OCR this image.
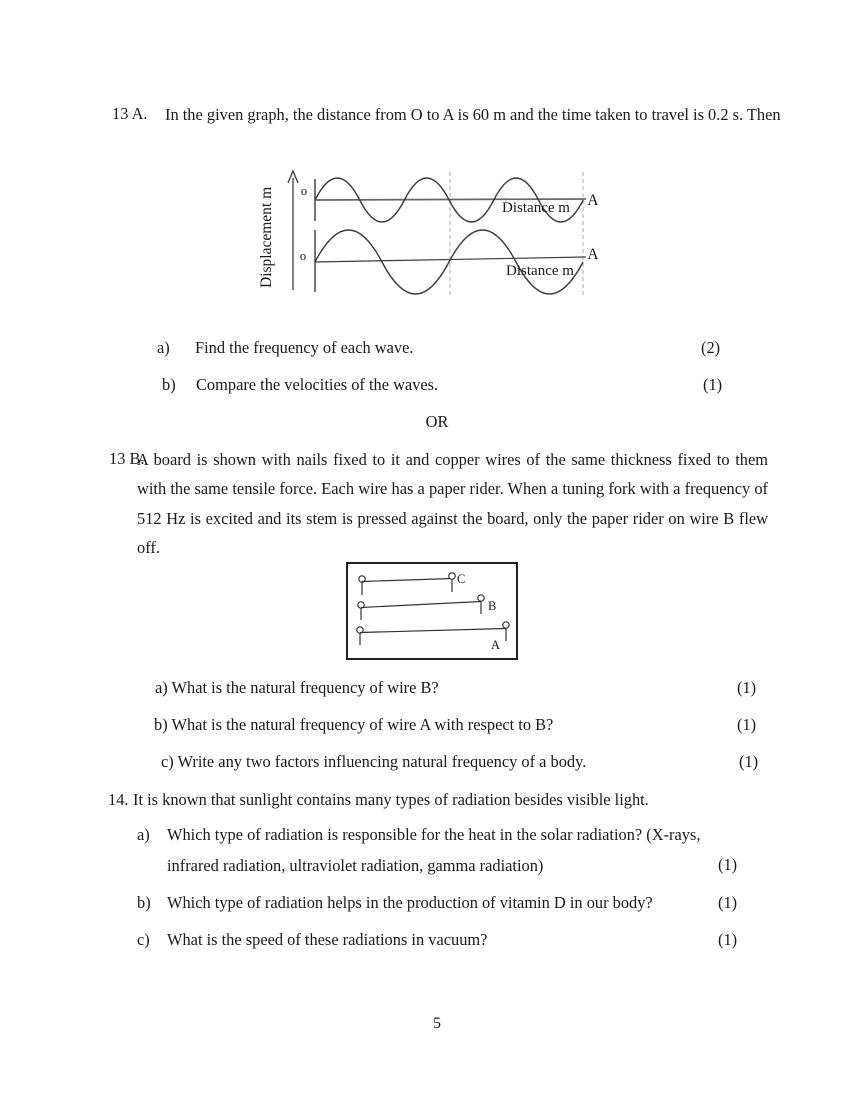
13 A. In the given graph, the distance from O to A is 60 m and the time taken to travel is 0.2 s. Then
Displacement m o
Distance m A
o
Distance m
A
a) Find the frequency of each wave.	(2)
b) Compare the velocities of the waves.	(1)
OR
13 B.
A board is shown with nails fixed to it and copper wires of the same thickness fixed to them with the same tensile force. Each wire has a paper rider. When a tuning fork with a frequency of 512 Hz is excited and its stem is pressed against the board, only the paper rider on wire B flew off.
C
B
A
a) What is the natural frequency of wire B?	(1)
b) What is the natural frequency of wire A with respect to B?	(1)
c) Write any two factors influencing natural frequency of a body.	(1)
14. It is known that sunlight contains many types of radiation besides visible light.
a) Which type of radiation is responsible for the heat in the solar radiation? (X-rays, infrared radiation, ultraviolet radiation, gamma radiation)	(1)
b) Which type of radiation helps in the production of vitamin D in our body?	(1)
c) What is the speed of these radiations in vacuum?	(1)
5
